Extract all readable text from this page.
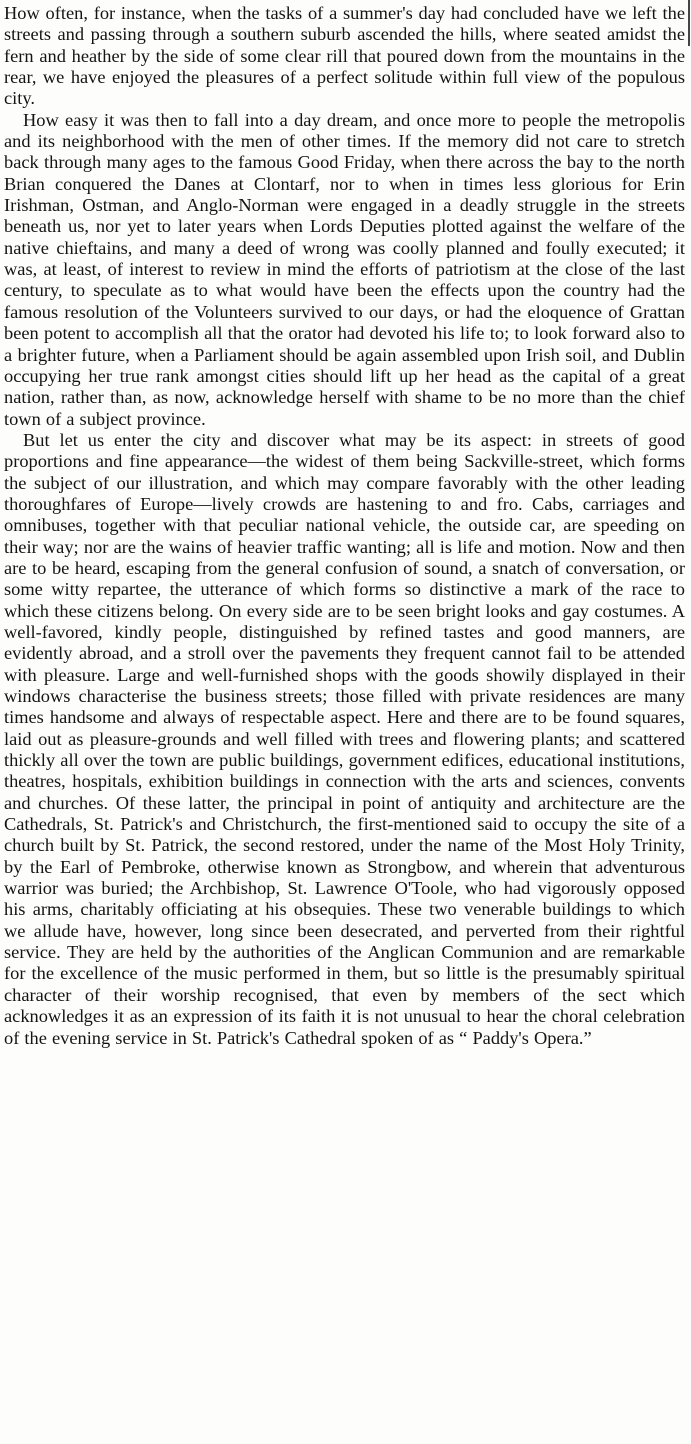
How often, for instance, when the tasks of a summer's day had concluded have we left the streets and passing through a southern suburb ascended the hills, where seated amidst the fern and heather by the side of some clear rill that poured down from the mountains in the rear, we have enjoyed the pleasures of a perfect solitude within full view of the populous city.

How easy it was then to fall into a day dream, and once more to people the metropolis and its neighborhood with the men of other times. If the memory did not care to stretch back through many ages to the famous Good Friday, when there across the bay to the north Brian conquered the Danes at Clontarf, nor to when in times less glorious for Erin Irishman, Ostman, and Anglo-Norman were engaged in a deadly struggle in the streets beneath us, nor yet to later years when Lords Deputies plotted against the welfare of the native chieftains, and many a deed of wrong was coolly planned and foully executed; it was, at least, of interest to review in mind the efforts of patriotism at the close of the last century, to speculate as to what would have been the effects upon the country had the famous resolution of the Volunteers survived to our days, or had the eloquence of Grattan been potent to accomplish all that the orator had devoted his life to; to look forward also to a brighter future, when a Parliament should be again assembled upon Irish soil, and Dublin occupying her true rank amongst cities should lift up her head as the capital of a great nation, rather than, as now, acknowledge herself with shame to be no more than the chief town of a subject province.

But let us enter the city and discover what may be its aspect: in streets of good proportions and fine appearance—the widest of them being Sackville-street, which forms the subject of our illustration, and which may compare favorably with the other leading thoroughfares of Europe—lively crowds are hastening to and fro. Cabs, carriages and omnibuses, together with that peculiar national vehicle, the outside car, are speeding on their way; nor are the wains of heavier traffic wanting; all is life and motion. Now and then are to be heard, escaping from the general confusion of sound, a snatch of conversation, or some witty repartee, the utterance of which forms so distinctive a mark of the race to which these citizens belong. On every side are to be seen bright looks and gay costumes. A well-favored, kindly people, distinguished by refined tastes and good manners, are evidently abroad, and a stroll over the pavements they frequent cannot fail to be attended with pleasure. Large and well-furnished shops with the goods showily displayed in their windows characterise the business streets; those filled with private residences are many times handsome and always of respectable aspect. Here and there are to be found squares, laid out as pleasure-grounds and well filled with trees and flowering plants; and scattered thickly all over the town are public buildings, government edifices, educational institutions, theatres, hospitals, exhibition buildings in connection with the arts and sciences, convents and churches. Of these latter, the principal in point of antiquity and architecture are the Cathedrals, St. Patrick's and Christchurch, the first-mentioned said to occupy the site of a church built by St. Patrick, the second restored, under the name of the Most Holy Trinity, by the Earl of Pembroke, otherwise known as Strongbow, and wherein that adventurous warrior was buried; the Archbishop, St. Lawrence O'Toole, who had vigorously opposed his arms, charitably officiating at his obsequies. These two venerable buildings to which we allude have, however, long since been desecrated, and perverted from their rightful service. They are held by the authorities of the Anglican Communion and are remarkable for the excellence of the music performed in them, but so little is the presumably spiritual character of their worship recognised, that even by members of the sect which acknowledges it as an expression of its faith it is not unusual to hear the choral celebration of the evening service in St. Patrick's Cathedral spoken of as “ Paddy's Opera.”
